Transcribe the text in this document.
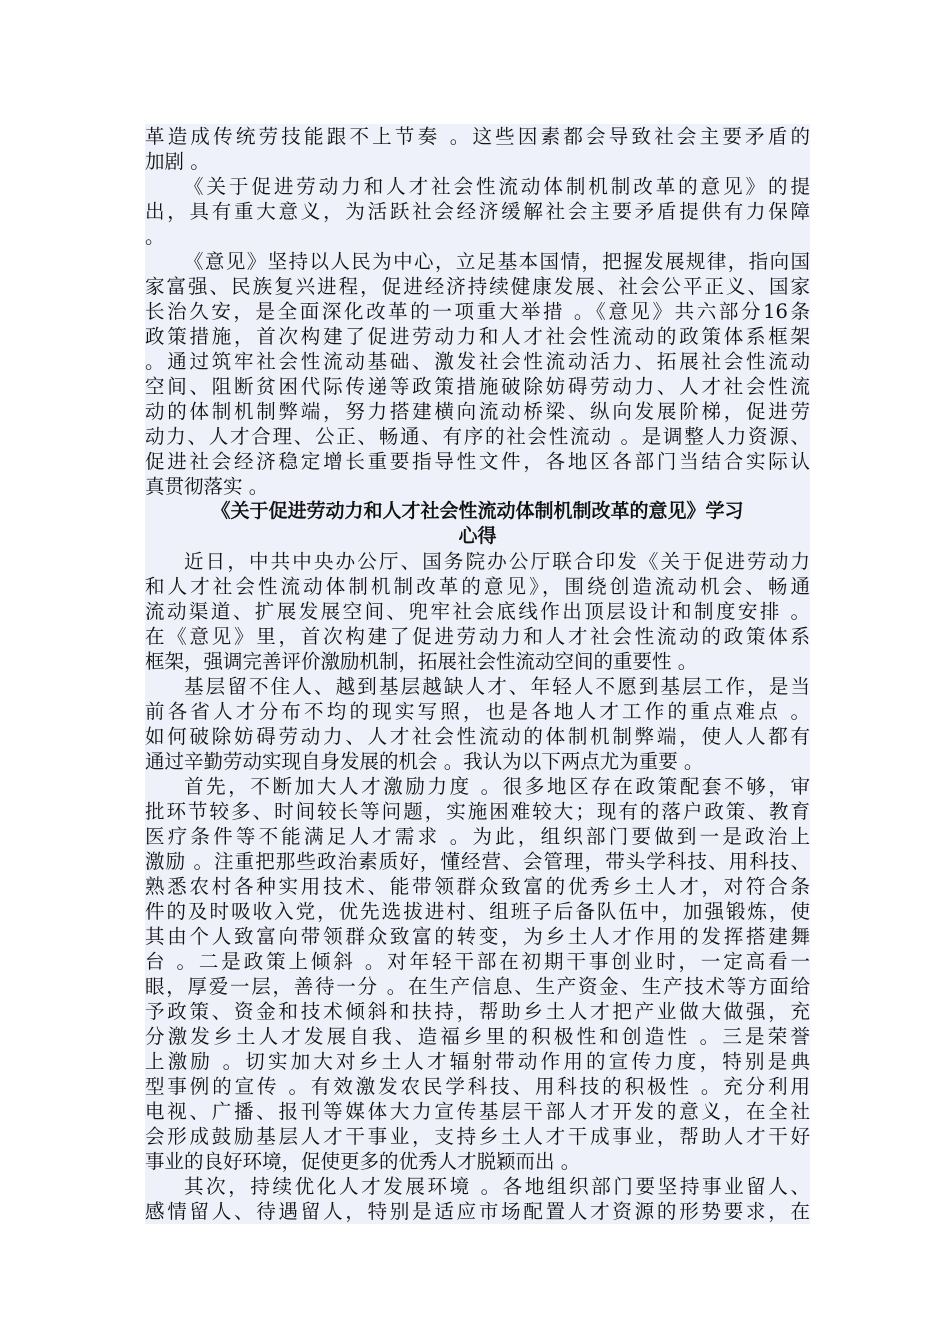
革造成传统劳技能跟不上节奏 。这些因素都会导致社会主要矛盾的
加剧 。
《关于促进劳动力和人才社会性流动体制机制改革的意见》的提
出，具有重大意义，为活跃社会经济缓解社会主要矛盾提供有力保障
。
《意见》坚持以人民为中心，立足基本国情，把握发展规律，指向国
家富强、民族复兴进程，促进经济持续健康发展、社会公平正义、国家
长治久安，是全面深化改革的一项重大举措 。《意见》共六部分16条
政策措施，首次构建了促进劳动力和人才社会性流动的政策体系框架
。通过筑牢社会性流动基础、激发社会性流动活力、拓展社会性流动
空间、阻断贫困代际传递等政策措施破除妨碍劳动力、人才社会性流
动的体制机制弊端，努力搭建横向流动桥梁、纵向发展阶梯，促进劳
动力、人才合理、公正、畅通、有序的社会性流动 。是调整人力资源、
促进社会经济稳定增长重要指导性文件，各地区各部门当结合实际认
真贯彻落实 。
《关于促进劳动力和人才社会性流动体制机制改革的意见》学习
心得
近日，中共中央办公厅、国务院办公厅联合印发《关于促进劳动力
和人才社会性流动体制机制改革的意见》，围绕创造流动机会、畅通
流动渠道、扩展发展空间、兜牢社会底线作出顶层设计和制度安排 。
在《意见》里，首次构建了促进劳动力和人才社会性流动的政策体系
框架，强调完善评价激励机制，拓展社会性流动空间的重要性 。
基层留不住人、越到基层越缺人才、年轻人不愿到基层工作，是当
前各省人才分布不均的现实写照，也是各地人才工作的重点难点 。
如何破除妨碍劳动力、人才社会性流动的体制机制弊端，使人人都有
通过辛勤劳动实现自身发展的机会 。我认为以下两点尤为重要 。
首先，不断加大人才激励力度 。很多地区存在政策配套不够，审
批环节较多、时间较长等问题，实施困难较大；现有的落户政策、教育
医疗条件等不能满足人才需求 。为此，组织部门要做到一是政治上
激励 。注重把那些政治素质好，懂经营、会管理，带头学科技、用科技、
熟悉农村各种实用技术、能带领群众致富的优秀乡土人才，对符合条
件的及时吸收入党，优先选拔进村、组班子后备队伍中，加强锻炼，使
其由个人致富向带领群众致富的转变，为乡土人才作用的发挥搭建舞
台 。二是政策上倾斜 。对年轻干部在初期干事创业时，一定高看一
眼，厚爱一层，善待一分 。在生产信息、生产资金、生产技术等方面给
予政策、资金和技术倾斜和扶持，帮助乡土人才把产业做大做强，充
分激发乡土人才发展自我、造福乡里的积极性和创造性 。三是荣誉
上激励 。切实加大对乡土人才辐射带动作用的宣传力度，特别是典
型事例的宣传 。有效激发农民学科技、用科技的积极性 。充分利用
电视、广播、报刊等媒体大力宣传基层干部人才开发的意义，在全社
会形成鼓励基层人才干事业，支持乡土人才干成事业，帮助人才干好
事业的良好环境，促使更多的优秀人才脱颖而出 。
其次，持续优化人才发展环境 。各地组织部门要坚持事业留人、
感情留人、待遇留人，特别是适应市场配置人才资源的形势要求，在
